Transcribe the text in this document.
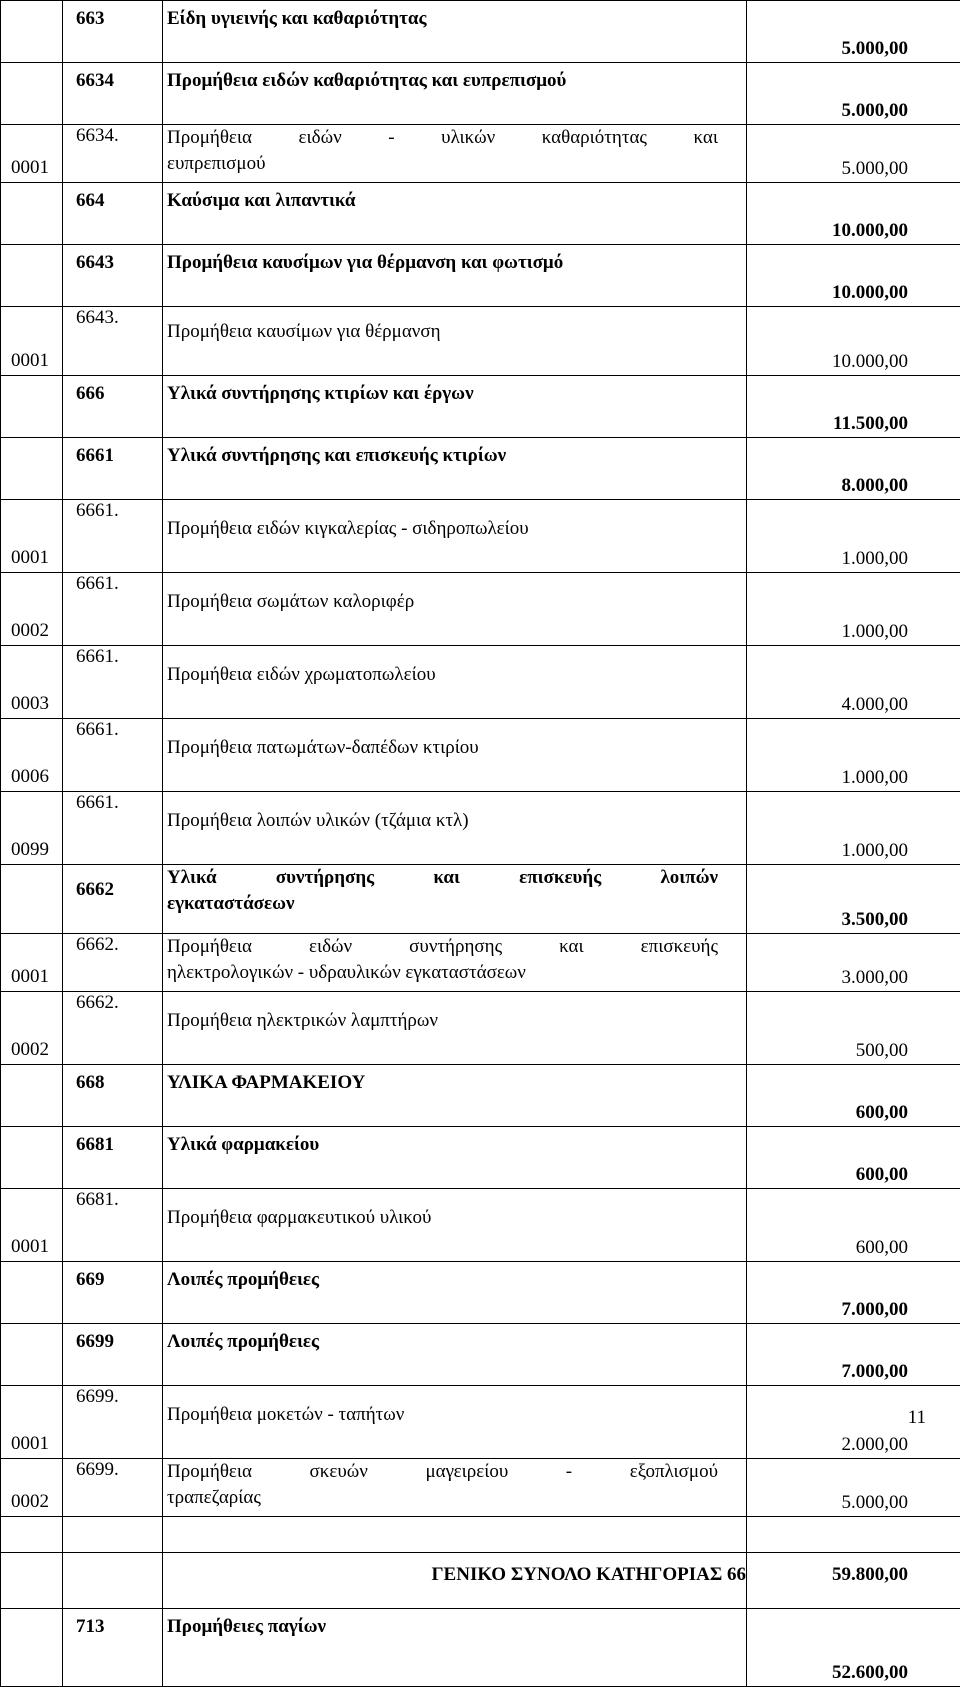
	663	Είδη υγιεινής και καθαριότητας	5.000,00
	6634	Προμήθεια ειδών καθαριότητας και ευπρεπισμού	5.000,00
0001	6634.	Προμήθεια ειδών - υλικών καθαριότητας και
ευπρεπισμού	5.000,00
	664	Καύσιμα και λιπαντικά	10.000,00
	6643	Προμήθεια καυσίμων για θέρμανση και φωτισμό	10.000,00
0001	6643.	Προμήθεια καυσίμων για θέρμανση	10.000,00
	666	Υλικά συντήρησης κτιρίων και έργων	11.500,00
	6661	Υλικά συντήρησης και επισκευής κτιρίων	8.000,00
0001	6661.	Προμήθεια ειδών κιγκαλερίας - σιδηροπωλείου	1.000,00
0002	6661.	Προμήθεια σωμάτων καλοριφέρ	1.000,00
0003	6661.	Προμήθεια ειδών χρωματοπωλείου	4.000,00
0006	6661.	Προμήθεια πατωμάτων-δαπέδων κτιρίου	1.000,00
0099	6661.	Προμήθεια λοιπών υλικών (τζάμια κτλ)	1.000,00
	6662	Υλικά συντήρησης και επισκευής λοιπών
εγκαταστάσεων	3.500,00
0001	6662.	Προμήθεια ειδών συντήρησης και επισκευής
ηλεκτρολογικών - υδραυλικών εγκαταστάσεων	3.000,00
0002	6662.	Προμήθεια ηλεκτρικών λαμπτήρων	500,00
	668	ΥΛΙΚΑ ΦΑΡΜΑΚΕΙΟΥ	600,00
	6681	Υλικά φαρμακείου	600,00
0001	6681.	Προμήθεια φαρμακευτικού υλικού	600,00
	669	Λοιπές προμήθειες	7.000,00
	6699	Λοιπές προμήθειες	7.000,00
0001	6699.	Προμήθεια μοκετών - ταπήτων	2.000,00
0002	6699.	Προμήθεια σκευών μαγειρείου - εξοπλισμού
τραπεζαρίας	5.000,00

		ΓΕΝΙΚΟ ΣΥΝΟΛΟ ΚΑΤΗΓΟΡΙΑΣ 66	59.800,00
	713	Προμήθειες παγίων	52.600,00
11
